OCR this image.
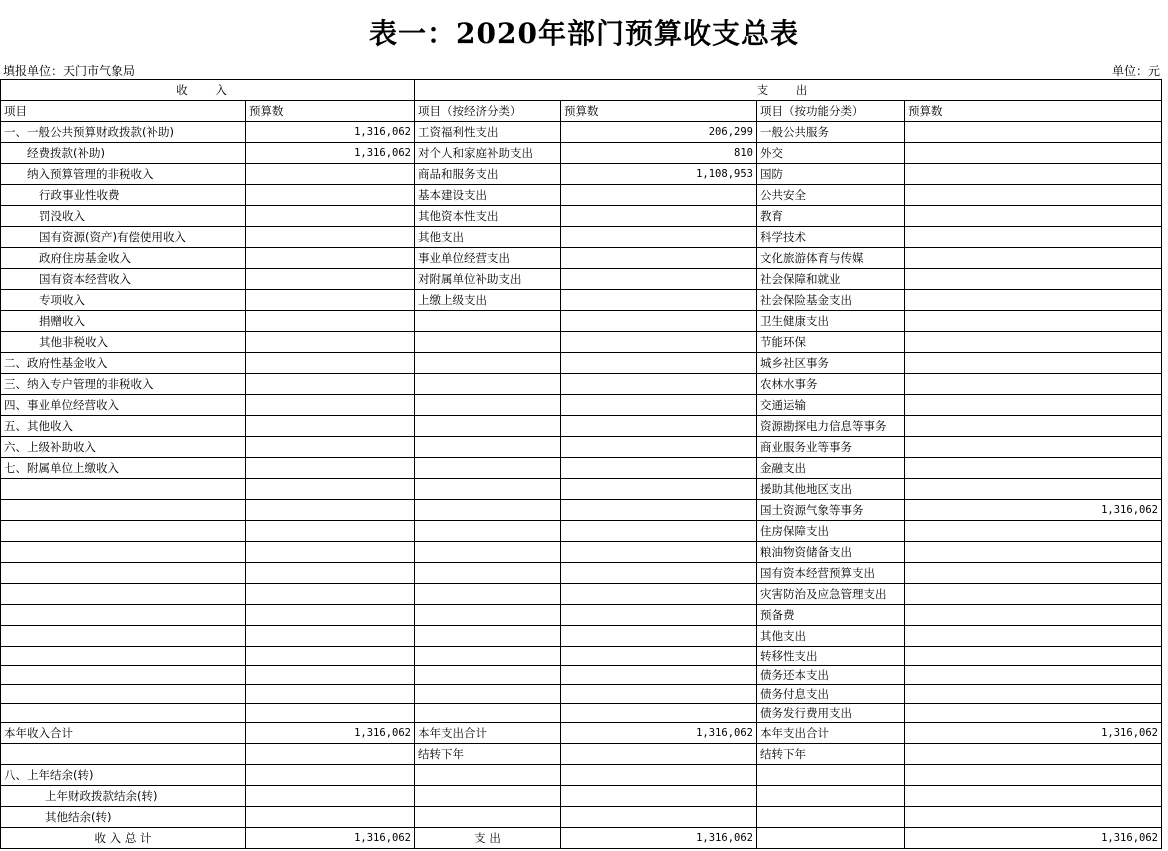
表一：2020年部门预算收支总表
填报单位：天门市气象局	单位：元
收 入		支 出			
项目	预算数	项目（按经济分类）	预算数	项目（按功能分类）	预算数
一、一般公共预算财政拨款(补助)	1,316,062	工资福利性支出	206,299	一般公共服务	
经费拨款(补助)	1,316,062	对个人和家庭补助支出	810	外交	
纳入预算管理的非税收入		商品和服务支出	1,108,953	国防	
行政事业性收费		基本建设支出		公共安全	
罚没收入		其他资本性支出		教育	
国有资源(资产)有偿使用收入		其他支出		科学技术	
政府住房基金收入		事业单位经营支出		文化旅游体育与传媒	
国有资本经营收入		对附属单位补助支出		社会保障和就业	
专项收入		上缴上级支出		社会保险基金支出	
捐赠收入				卫生健康支出	
其他非税收入				节能环保	
二、政府性基金收入				城乡社区事务	
三、纳入专户管理的非税收入				农林水事务	
四、事业单位经营收入				交通运输	
五、其他收入				资源勘探电力信息等事务	
六、上级补助收入				商业服务业等事务	
七、附属单位上缴收入				金融支出	
				援助其他地区支出	
				国土资源气象等事务	1,316,062
				住房保障支出	
				粮油物资储备支出	
				国有资本经营预算支出	
				灾害防治及应急管理支出	
				预备费	
				其他支出	
				转移性支出	
				债务还本支出	
				债务付息支出	
				债务发行费用支出	
本年收入合计	1,316,062	本年支出合计	1,316,062	本年支出合计	1,316,062
		结转下年		结转下年	
八、上年结余(转)					
上年财政拨款结余(转)					
其他结余(转)					
收 入 总 计	1,316,062	支 出	1,316,062		1,316,062
